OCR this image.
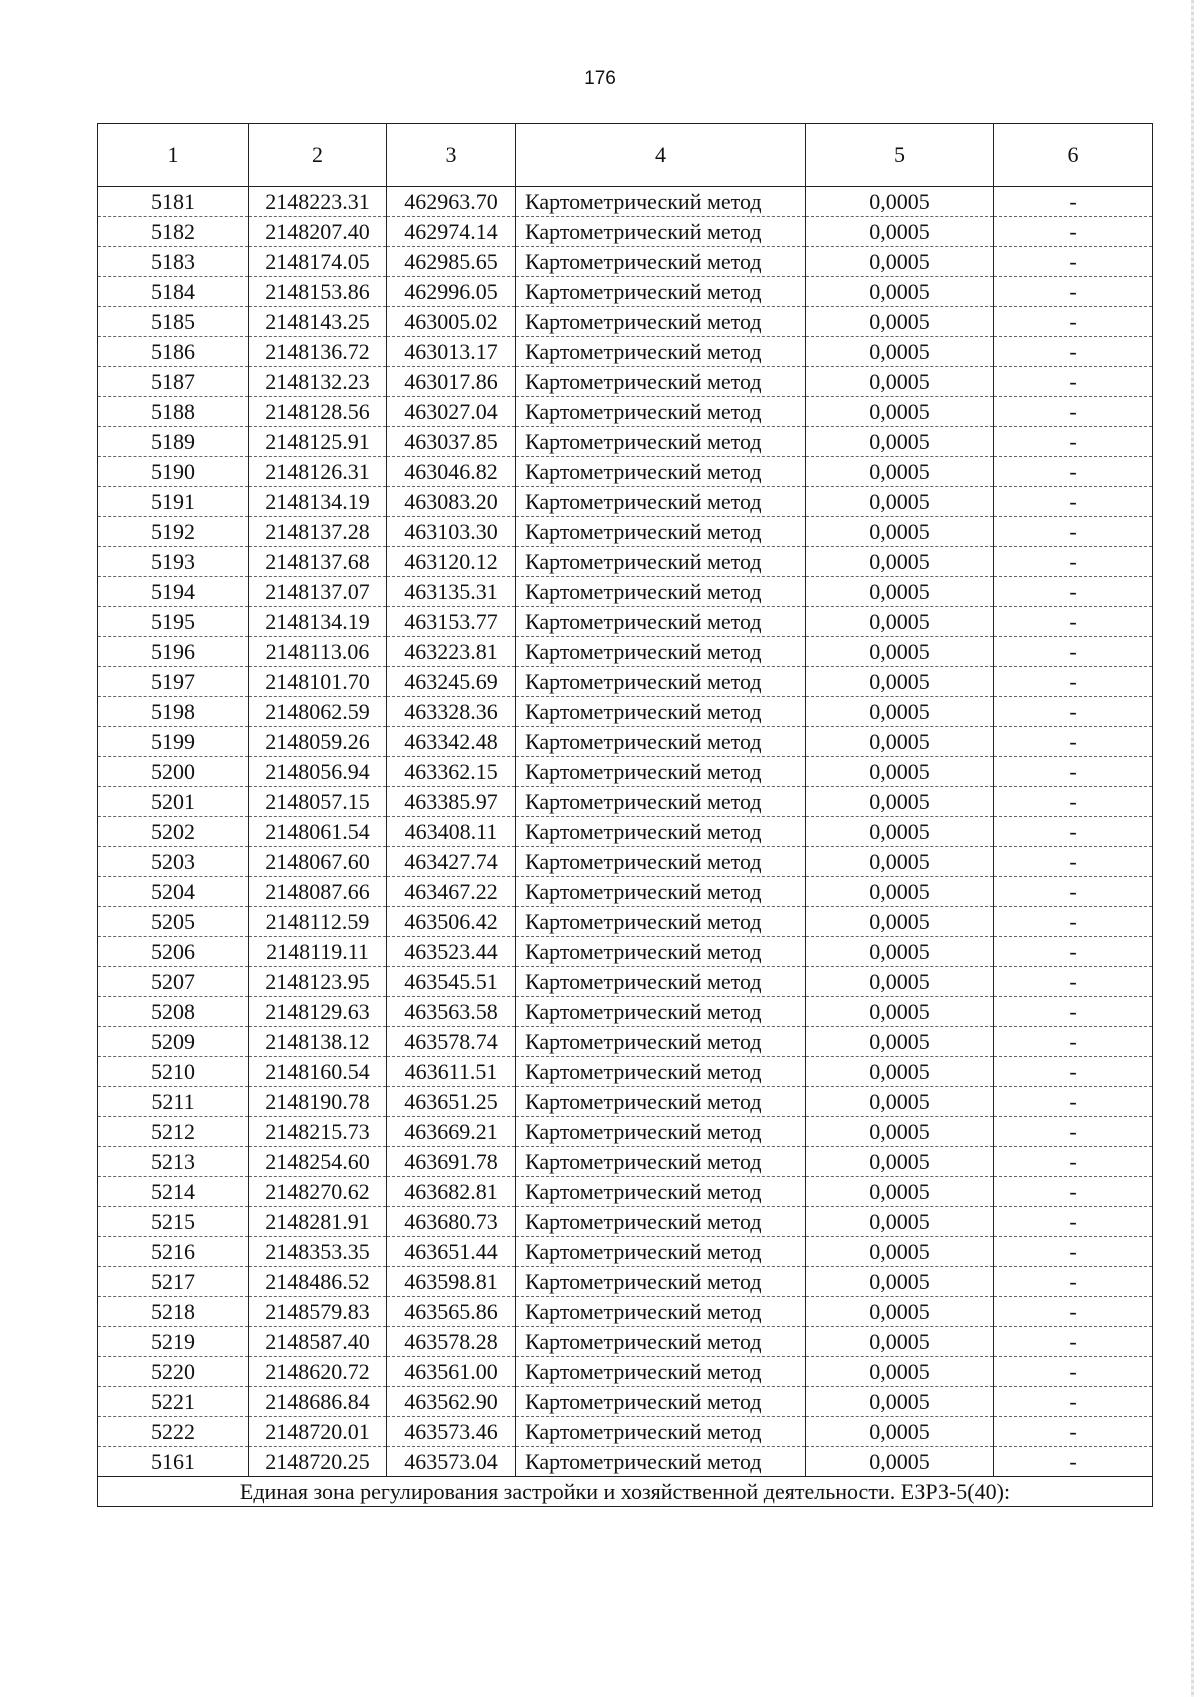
176
1	2	3	4	5	6
5181	2148223.31	462963.70	Картометрический метод	0,0005	-
5182	2148207.40	462974.14	Картометрический метод	0,0005	-
5183	2148174.05	462985.65	Картометрический метод	0,0005	-
5184	2148153.86	462996.05	Картометрический метод	0,0005	-
5185	2148143.25	463005.02	Картометрический метод	0,0005	-
5186	2148136.72	463013.17	Картометрический метод	0,0005	-
5187	2148132.23	463017.86	Картометрический метод	0,0005	-
5188	2148128.56	463027.04	Картометрический метод	0,0005	-
5189	2148125.91	463037.85	Картометрический метод	0,0005	-
5190	2148126.31	463046.82	Картометрический метод	0,0005	-
5191	2148134.19	463083.20	Картометрический метод	0,0005	-
5192	2148137.28	463103.30	Картометрический метод	0,0005	-
5193	2148137.68	463120.12	Картометрический метод	0,0005	-
5194	2148137.07	463135.31	Картометрический метод	0,0005	-
5195	2148134.19	463153.77	Картометрический метод	0,0005	-
5196	2148113.06	463223.81	Картометрический метод	0,0005	-
5197	2148101.70	463245.69	Картометрический метод	0,0005	-
5198	2148062.59	463328.36	Картометрический метод	0,0005	-
5199	2148059.26	463342.48	Картометрический метод	0,0005	-
5200	2148056.94	463362.15	Картометрический метод	0,0005	-
5201	2148057.15	463385.97	Картометрический метод	0,0005	-
5202	2148061.54	463408.11	Картометрический метод	0,0005	-
5203	2148067.60	463427.74	Картометрический метод	0,0005	-
5204	2148087.66	463467.22	Картометрический метод	0,0005	-
5205	2148112.59	463506.42	Картометрический метод	0,0005	-
5206	2148119.11	463523.44	Картометрический метод	0,0005	-
5207	2148123.95	463545.51	Картометрический метод	0,0005	-
5208	2148129.63	463563.58	Картометрический метод	0,0005	-
5209	2148138.12	463578.74	Картометрический метод	0,0005	-
5210	2148160.54	463611.51	Картометрический метод	0,0005	-
5211	2148190.78	463651.25	Картометрический метод	0,0005	-
5212	2148215.73	463669.21	Картометрический метод	0,0005	-
5213	2148254.60	463691.78	Картометрический метод	0,0005	-
5214	2148270.62	463682.81	Картометрический метод	0,0005	-
5215	2148281.91	463680.73	Картометрический метод	0,0005	-
5216	2148353.35	463651.44	Картометрический метод	0,0005	-
5217	2148486.52	463598.81	Картометрический метод	0,0005	-
5218	2148579.83	463565.86	Картометрический метод	0,0005	-
5219	2148587.40	463578.28	Картометрический метод	0,0005	-
5220	2148620.72	463561.00	Картометрический метод	0,0005	-
5221	2148686.84	463562.90	Картометрический метод	0,0005	-
5222	2148720.01	463573.46	Картометрический метод	0,0005	-
5161	2148720.25	463573.04	Картометрический метод	0,0005	-
Единая зона регулирования застройки и хозяйственной деятельности. ЕЗРЗ-5(40):					
